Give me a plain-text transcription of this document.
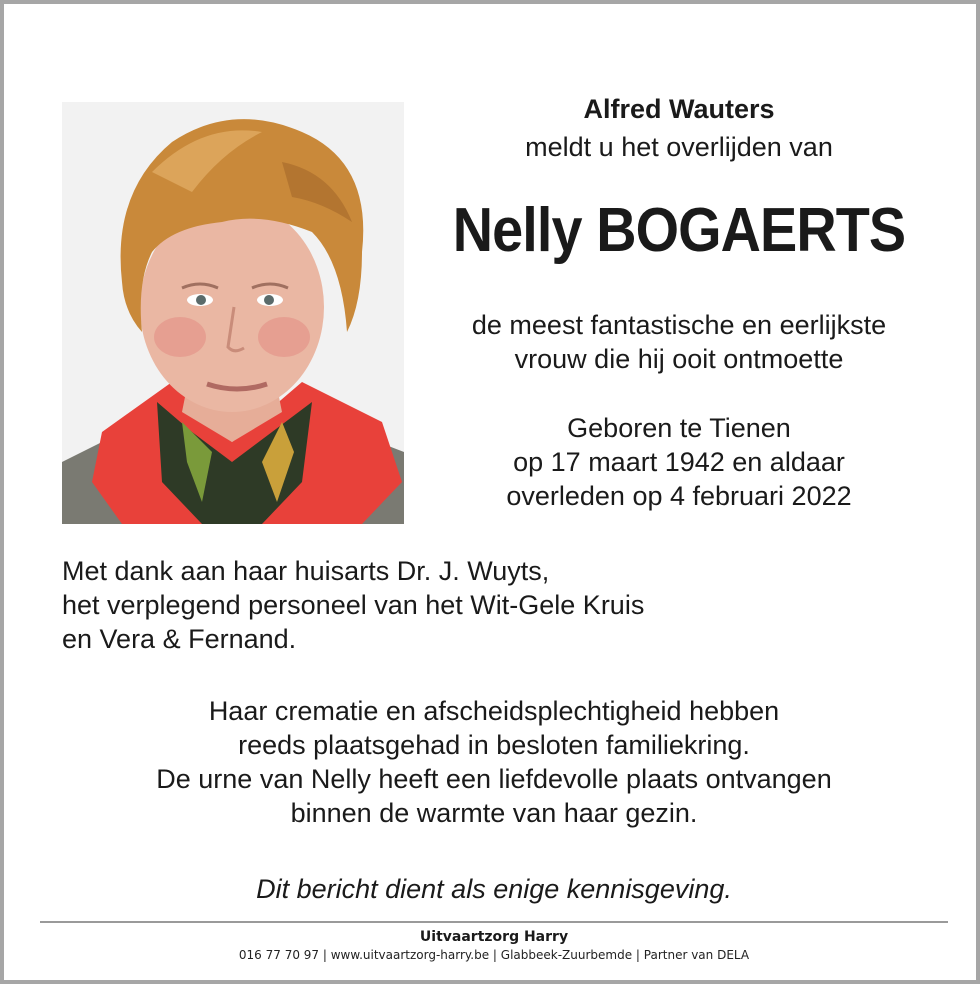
Alfred Wauters
meldt u het overlijden van
Nelly BOGAERTS
de meest fantastische en eerlijkste
vrouw die hij ooit ontmoette
Geboren te Tienen
op 17 maart 1942 en aldaar
overleden op 4 februari 2022
Met dank aan haar huisarts Dr. J. Wuyts,
het verplegend personeel van het Wit-Gele Kruis
en Vera & Fernand.
Haar crematie en afscheidsplechtigheid hebben
reeds plaatsgehad in besloten familiekring.
De urne van Nelly heeft een liefdevolle plaats ontvangen
binnen de warmte van haar gezin.
Dit bericht dient als enige kennisgeving.
Uitvaartzorg Harry
016 77 70 97 | www.uitvaartzorg-harry.be | Glabbeek-Zuurbemde | Partner van DELA
